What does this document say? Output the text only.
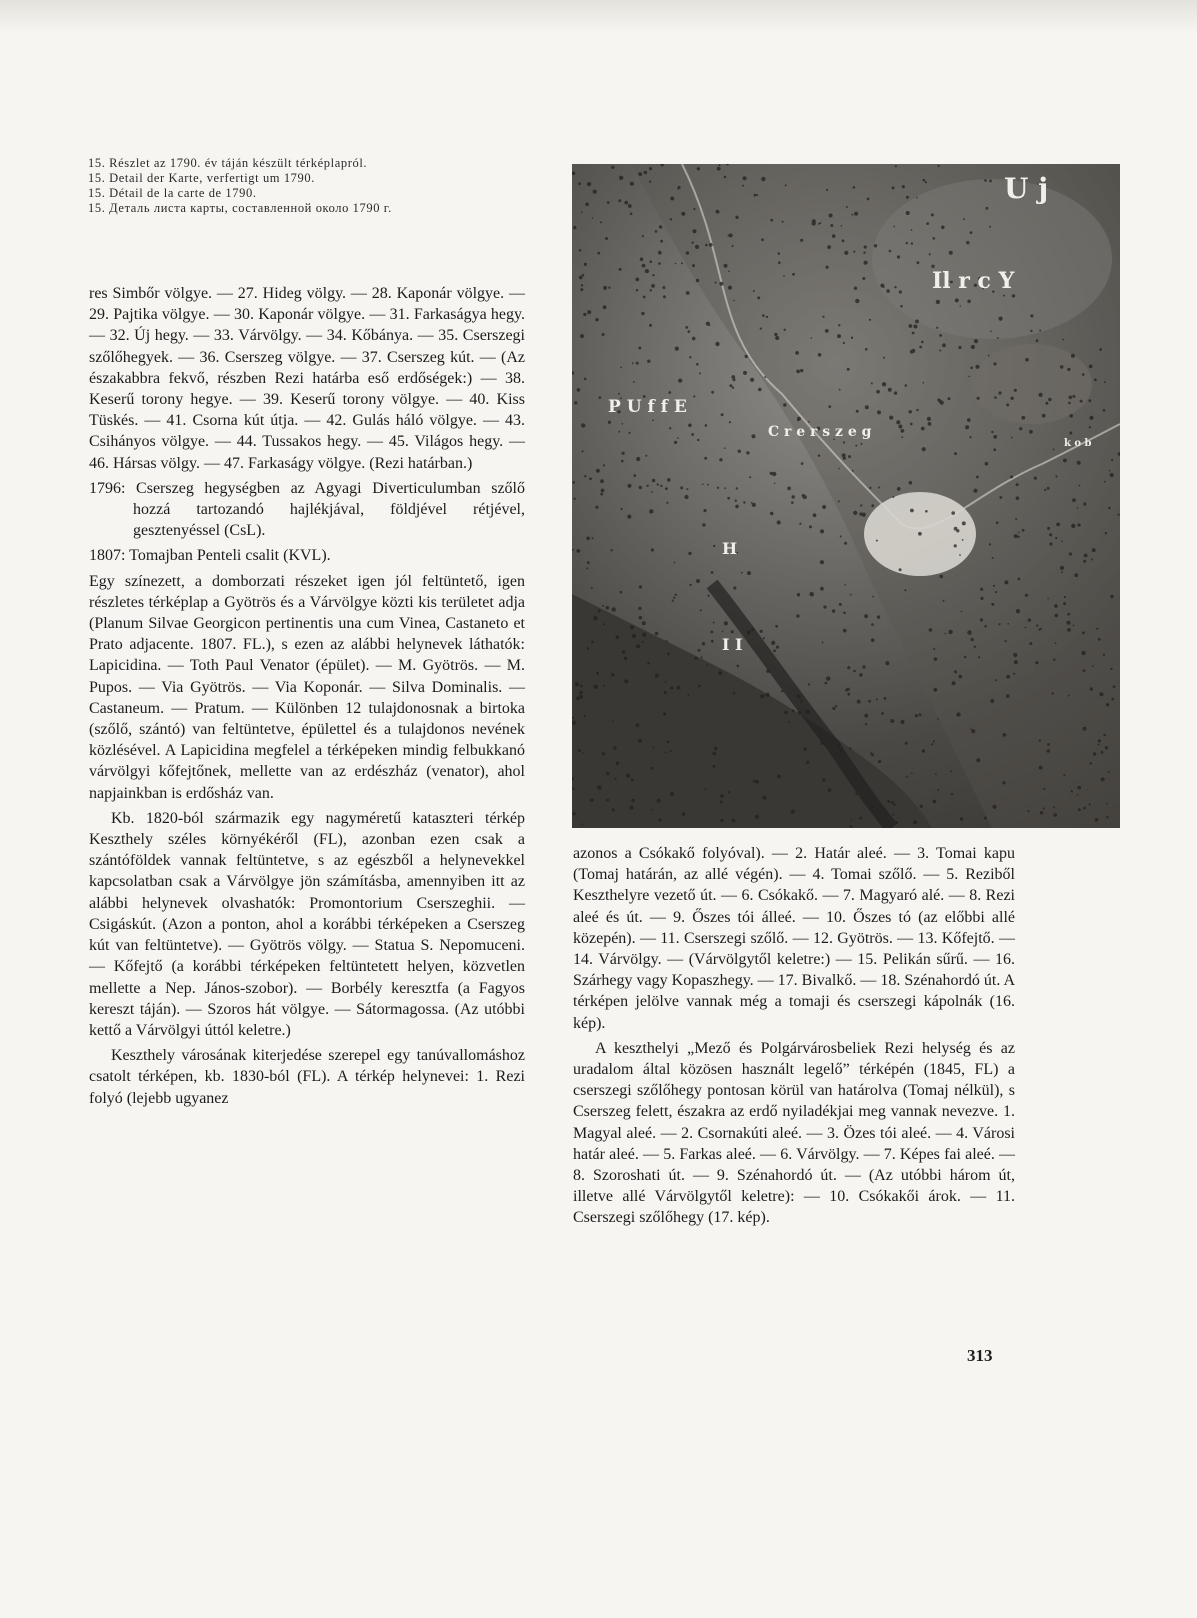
15. Részlet az 1790. év táján készült térképlapról.
15. Detail der Karte, verfertigt um 1790.
15. Détail de la carte de 1790.
15. Деталь листа карты, составленной около 1790 г.
U j
Il r c Y
P U f f E
C r e r s z e g
k o b
H
I I

res Simbőr völgye. — 27. Hideg völgy. — 28. Kaponár völgye. — 29. Pajtika völgye. — 30. Kaponár völgye. — 31. Farkaságya hegy. — 32. Új hegy. — 33. Várvölgy. — 34. Kőbánya. — 35. Cserszegi szőlőhegyek. — 36. Cserszeg völgye. — 37. Cserszeg kút. — (Az északabbra fekvő, részben Rezi határba eső erdőségek:) — 38. Keserű torony hegye. — 39. Keserű torony völgye. — 40. Kiss Tüskés. — 41. Csorna kút útja. — 42. Gulás háló völgye. — 43. Csihányos völgye. — 44. Tussakos hegy. — 45. Világos hegy. — 46. Hársas völgy. — 47. Farkaságy völgye. (Rezi határban.)

1796: Cserszeg hegységben az Agyagi Diverticulumban szőlő hozzá tartozandó hajlékjával, földjével rétjével, gesztenyéssel (CsL).

1807: Tomajban Penteli csalit (KVL).

Egy színezett, a domborzati részeket igen jól feltüntető, igen részletes térképlap a Gyötrös és a Várvölgye közti kis területet adja (Planum Silvae Georgicon pertinentis una cum Vinea, Castaneto et Prato adjacente. 1807. FL.), s ezen az alábbi helynevek láthatók: Lapicidina. — Toth Paul Venator (épület). — M. Gyötrös. — M. Pupos. — Via Gyötrös. — Via Koponár. — Silva Dominalis. — Castaneum. — Pratum. — Különben 12 tulajdonosnak a birtoka (szőlő, szántó) van feltüntetve, épülettel és a tulajdonos nevének közlésével. A Lapicidina megfelel a térképeken mindig felbukkanó várvölgyi kőfejtőnek, mellette van az erdészház (venator), ahol napjainkban is erdősház van.

Kb. 1820-ból származik egy nagyméretű kataszteri térkép Keszthely széles környékéről (FL), azonban ezen csak a szántóföldek vannak feltüntetve, s az egészből a helynevekkel kapcsolatban csak a Várvölgye jön számításba, amennyiben itt az alábbi helynevek olvashatók: Promontorium Cserszeghii. — Csigáskút. (Azon a ponton, ahol a korábbi térképeken a Cserszeg kút van feltüntetve). — Gyötrös völgy. — Statua S. Nepomuceni. — Kőfejtő (a korábbi térképeken feltüntetett helyen, közvetlen mellette a Nep. János-szobor). — Borbély keresztfa (a Fagyos kereszt táján). — Szoros hát völgye. — Sátormagossa. (Az utóbbi kettő a Várvölgyi úttól keletre.)

Keszthely városának kiterjedése szerepel egy tanúvallomáshoz csatolt térképen, kb. 1830-ból (FL). A térkép helynevei: 1. Rezi folyó (lejebb ugyanez

azonos a Csókakő folyóval). — 2. Határ aleé. — 3. Tomai kapu (Tomaj határán, az allé végén). — 4. Tomai szőlő. — 5. Reziből Keszthelyre vezető út. — 6. Csókakő. — 7. Magyaró alé. — 8. Rezi aleé és út. — 9. Őszes tói álleé. — 10. Őszes tó (az előbbi allé közepén). — 11. Cserszegi szőlő. — 12. Gyötrös. — 13. Kőfejtő. — 14. Várvölgy. — (Várvölgytől keletre:) — 15. Pelikán sűrű. — 16. Szárhegy vagy Kopaszhegy. — 17. Bivalkő. — 18. Szénahordó út. A térképen jelölve vannak még a tomaji és cserszegi kápolnák (16. kép).

A keszthelyi „Mező és Polgárvárosbeliek Rezi helység és az uradalom által közösen használt legelő” térképén (1845, FL) a cserszegi szőlőhegy pontosan körül van határolva (Tomaj nélkül), s Cserszeg felett, északra az erdő nyiladékjai meg vannak nevezve. 1. Magyal aleé. — 2. Csornakúti aleé. — 3. Özes tói aleé. — 4. Városi határ aleé. — 5. Farkas aleé. — 6. Várvölgy. — 7. Képes fai aleé. — 8. Szoroshati út. — 9. Szénahordó út. — (Az utóbbi három út, illetve allé Várvölgytől keletre): — 10. Csókakői árok. — 11. Cserszegi szőlőhegy (17. kép).

313
